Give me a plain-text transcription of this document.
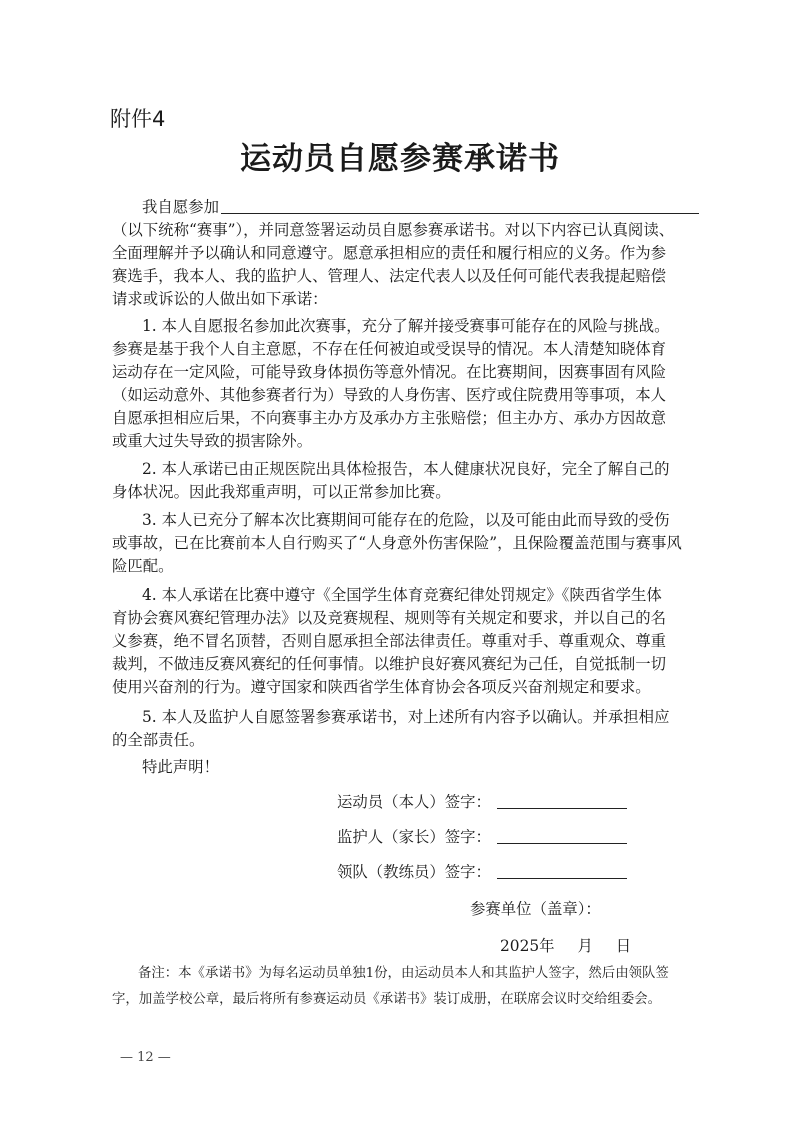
附件4
运动员自愿参赛承诺书
我自愿参加
（以下统称“赛事”），并同意签署运动员自愿参赛承诺书。对以下内容已认真阅读、
全面理解并予以确认和同意遵守。愿意承担相应的责任和履行相应的义务。作为参
赛选手，我本人、我的监护人、管理人、法定代表人以及任何可能代表我提起赔偿
请求或诉讼的人做出如下承诺：
1. 本人自愿报名参加此次赛事，充分了解并接受赛事可能存在的风险与挑战。
参赛是基于我个人自主意愿，不存在任何被迫或受误导的情况。本人清楚知晓体育
运动存在一定风险，可能导致身体损伤等意外情况。在比赛期间，因赛事固有风险
（如运动意外、其他参赛者行为）导致的人身伤害、医疗或住院费用等事项，本人
自愿承担相应后果，不向赛事主办方及承办方主张赔偿；但主办方、承办方因故意
或重大过失导致的损害除外。
2. 本人承诺已由正规医院出具体检报告，本人健康状况良好，完全了解自己的
身体状况。因此我郑重声明，可以正常参加比赛。
3. 本人已充分了解本次比赛期间可能存在的危险，以及可能由此而导致的受伤
或事故，已在比赛前本人自行购买了“人身意外伤害保险”，且保险覆盖范围与赛事风
险匹配。
4. 本人承诺在比赛中遵守《全国学生体育竞赛纪律处罚规定》《陕西省学生体
育协会赛风赛纪管理办法》以及竞赛规程、规则等有关规定和要求，并以自己的名
义参赛，绝不冒名顶替，否则自愿承担全部法律责任。尊重对手、尊重观众、尊重
裁判，不做违反赛风赛纪的任何事情。以维护良好赛风赛纪为己任，自觉抵制一切
使用兴奋剂的行为。遵守国家和陕西省学生体育协会各项反兴奋剂规定和要求。
5. 本人及监护人自愿签署参赛承诺书，对上述所有内容予以确认。并承担相应
的全部责任。
特此声明！
运动员（本人）签字：
监护人（家长）签字：
领队（教练员）签字：
参赛单位（盖章）：
2025年 月 日
备注：本《承诺书》为每名运动员单独1份，由运动员本人和其监护人签字，然后由领队签
字，加盖学校公章，最后将所有参赛运动员《承诺书》装订成册，在联席会议时交给组委会。
— 12 —
